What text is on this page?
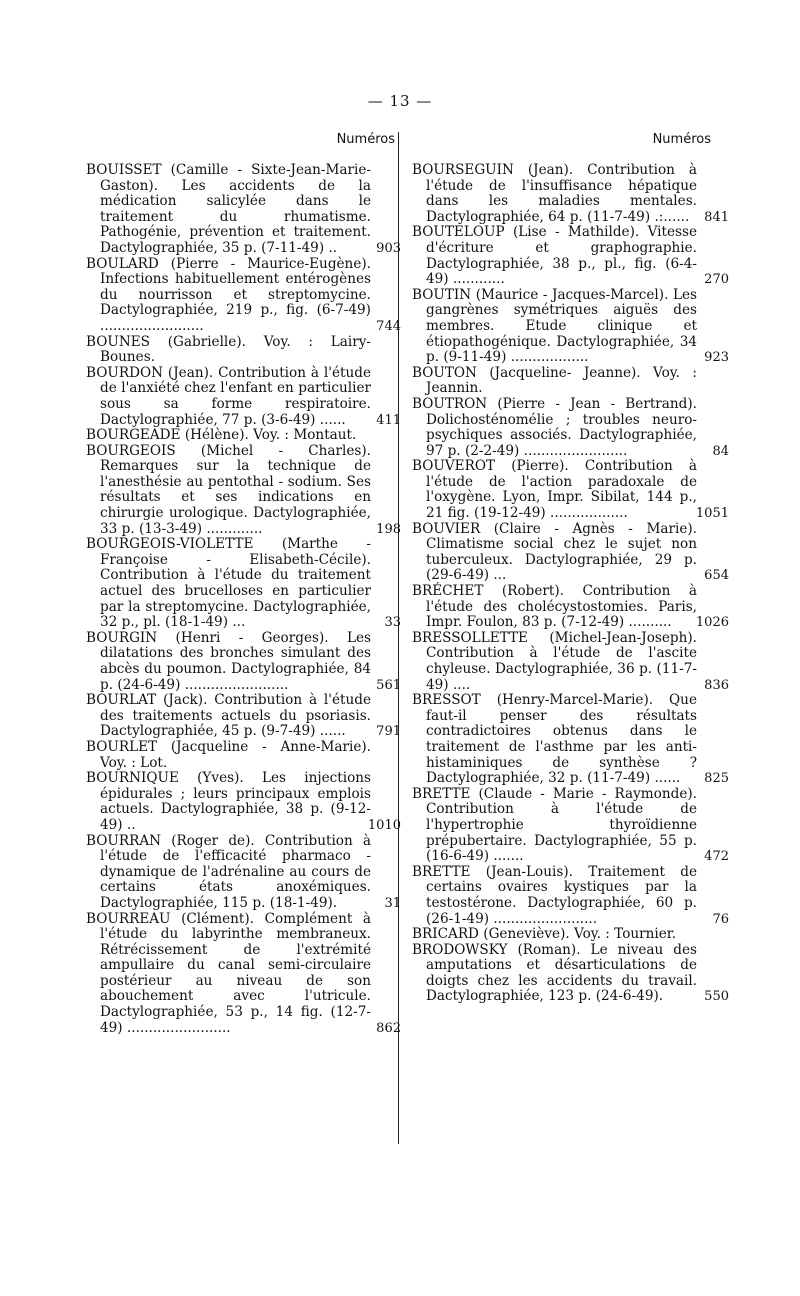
— 13 —
Numéros
BOUISSET (Camille - Sixte-Jean-Marie-Gaston). Les accidents de la médication salicylée dans le traitement du rhumatisme. Pathogénie, prévention et traitement. Dactylographiée, 35 p. (7-11-49) ..	903
BOULARD (Pierre - Maurice-Eugène). Infections habituellement entérogènes du nourrisson et streptomycine. Dactylographiée, 219 p., fig. (6-7-49) ........................	744
BOUNES (Gabrielle). Voy. : Lairy-Bounes.
BOURDON (Jean). Contribution à l'étude de l'anxiété chez l'enfant en particulier sous sa forme respiratoire. Dactylographiée, 77 p. (3-6-49) ...... 411
BOURGEADE (Hélène). Voy. : Montaut.
BOURGEOIS (Michel - Charles). Remarques sur la technique de l'anesthésie au pentothal - sodium. Ses résultats et ses indications en chirurgie urologique. Dactylographiée, 33 p. (13-3-49) .............	198
BOURGEOIS-VIOLETTE (Marthe - Françoise - Elisabeth-Cécile). Contribution à l'étude du traitement actuel des brucelloses en particulier par la streptomycine. Dactylographiée, 32 p., pl. (18-1-49) ...	33
BOURGIN (Henri - Georges). Les dilatations des bronches simulant des abcès du poumon. Dactylographiée, 84 p. (24-6-49) ........................	561
BOURLAT (Jack). Contribution à l'étude des traitements actuels du psoriasis. Dactylographiée, 45 p. (9-7-49) ...... 791
BOURLET (Jacqueline - Anne-Marie). Voy. : Lot.
BOURNIQUE (Yves). Les injections épidurales ; leurs principaux emplois actuels. Dactylographiée, 38 p. (9-12-49) ..	1010
BOURRAN (Roger de). Contribution à l'étude de l'efficacité pharmaco - dynamique de l'adrénaline au cours de certains états anoxémiques. Dactylographiée, 115 p. (18-1-49).	31
BOURREAU (Clément). Complément à l'étude du labyrinthe membraneux. Rétrécissement de l'extrémité ampullaire du canal semi-circulaire postérieur au niveau de son abouchement avec l'utricule. Dactylographiée, 53 p., 14 fig. (12-7-49) ........................	862
Numéros
BOURSEGUIN (Jean). Contribution à l'étude de l'insuffisance hépatique dans les maladies mentales. Dactylographiée, 64 p. (11-7-49) .:...... 841
BOUTELOUP (Lise - Mathilde). Vitesse d'écriture et graphographie. Dactylographiée, 38 p., pl., fig. (6-4-49) ............	270
BOUTIN (Maurice - Jacques-Marcel). Les gangrènes symétriques aiguës des membres. Etude clinique et étiopathogénique. Dactylographiée, 34 p. (9-11-49) ..................	923
BOUTON (Jacqueline- Jeanne). Voy. : Jeannin.
BOUTRON (Pierre - Jean - Bertrand). Dolichosténomélie ; troubles neuro-psychiques associés. Dactylographiée, 97 p. (2-2-49) ........................	84
BOUVEROT (Pierre). Contribution à l'étude de l'action paradoxale de l'oxygène. Lyon, Impr. Sibilat, 144 p., 21 fig. (19-12-49) ..................	1051
BOUVIER (Claire - Agnès - Marie). Climatisme social chez le sujet non tuberculeux. Dactylographiée, 29 p. (29-6-49) ...	654
BRÉCHET (Robert). Contribution à l'étude des cholécystostomies. Paris, Impr. Foulon, 83 p. (7-12-49) .......... 1026
BRESSOLLETTE (Michel-Jean-Joseph). Contribution à l'étude de l'ascite chyleuse. Dactylographiée, 36 p. (11-7-49) ....	836
BRESSOT (Henry-Marcel-Marie). Que faut-il penser des résultats contradictoires obtenus dans le traitement de l'asthme par les anti-histaminiques de synthèse ? Dactylographiée, 32 p. (11-7-49) ...... 825
BRETTE (Claude - Marie - Raymonde). Contribution à l'étude de l'hypertrophie thyroïdienne prépubertaire. Dactylographiée, 55 p. (16-6-49) .......	472
BRETTE (Jean-Louis). Traitement de certains ovaires kystiques par la testostérone. Dactylographiée, 60 p. (26-1-49) ........................	76
BRICARD (Geneviève). Voy. : Tournier.
BRODOWSKY (Roman). Le niveau des amputations et désarticulations de doigts chez les accidents du travail. Dactylographiée, 123 p. (24-6-49).	550
